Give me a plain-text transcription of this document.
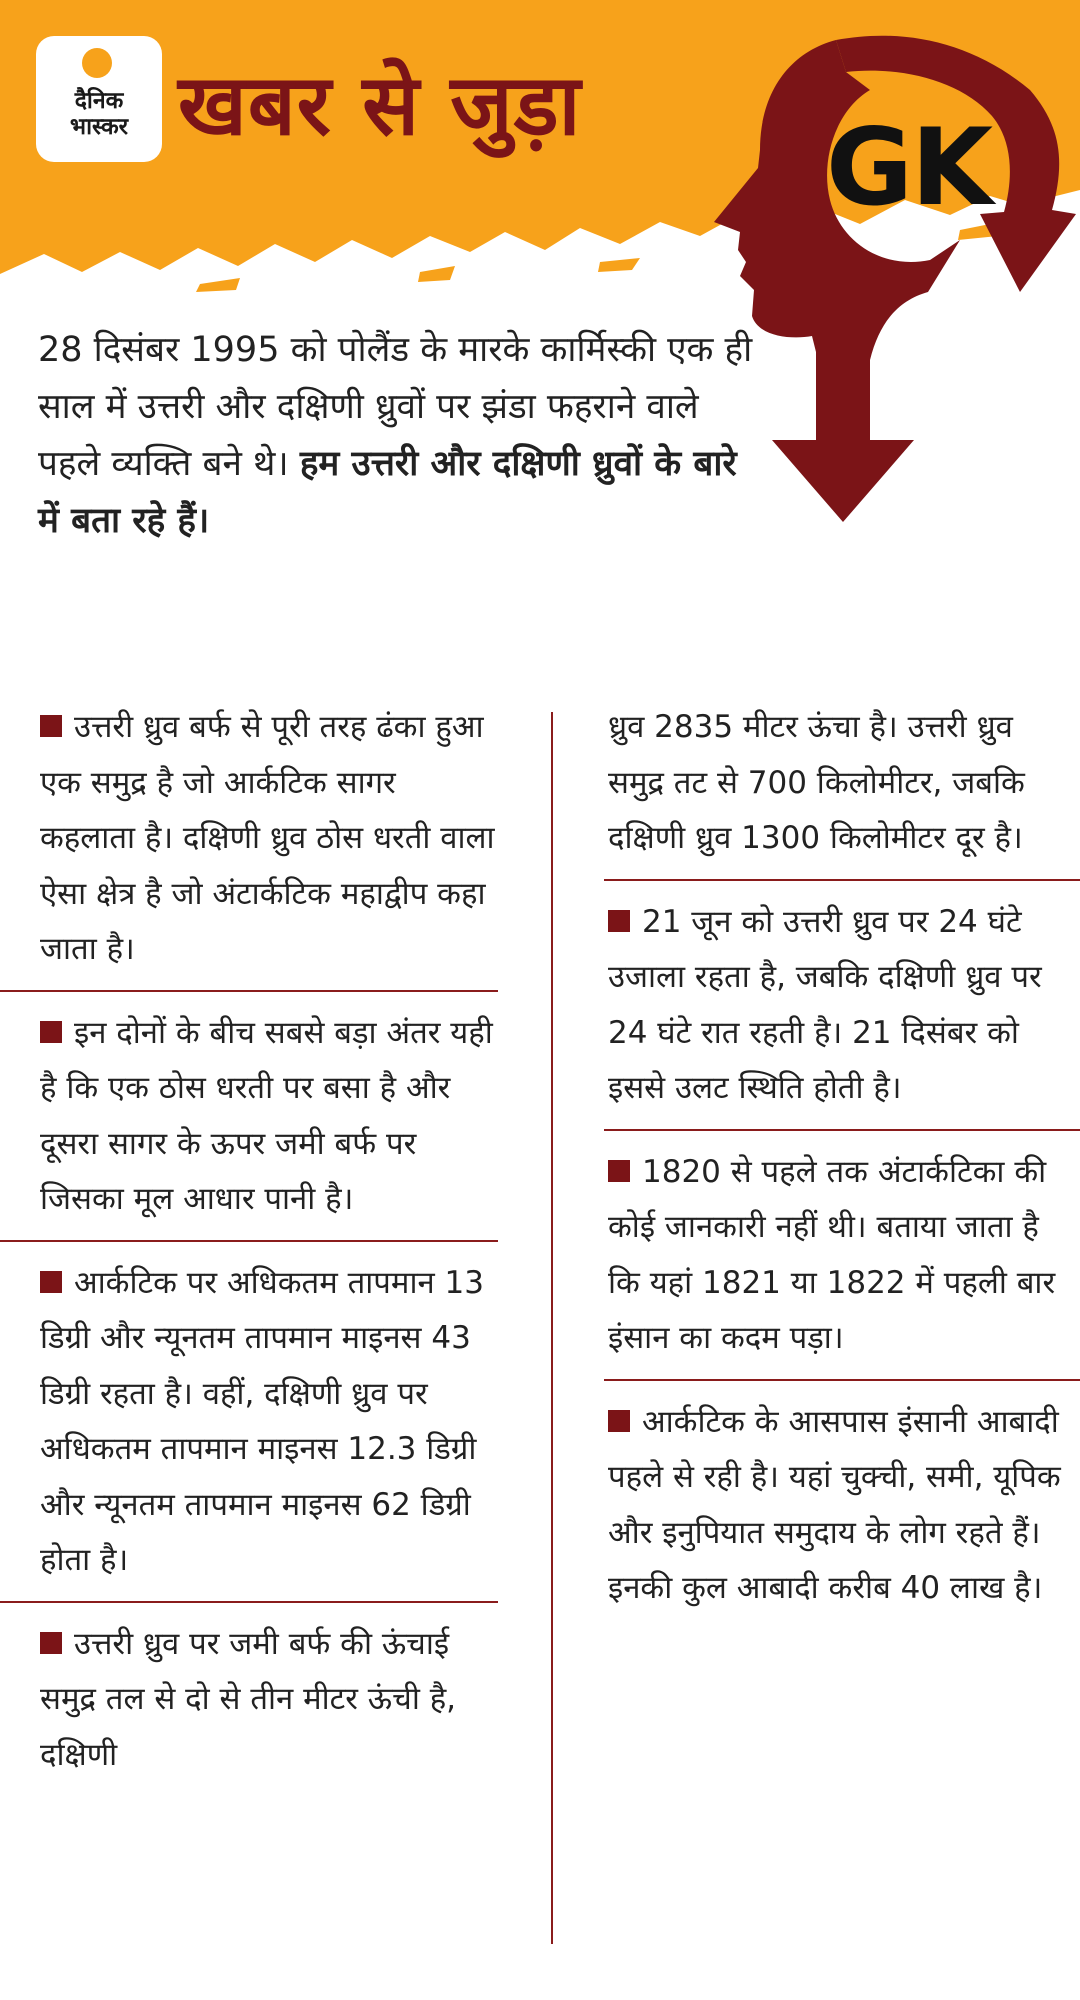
दैनिक
भास्कर खबर से जुड़ा
GK
28 दिसंबर 1995 को पोलैंड के मारके कार्मिस्की एक ही साल में उत्तरी और दक्षिणी ध्रुवों पर झंडा फहराने वाले पहले व्यक्ति बने थे। हम उत्तरी और दक्षिणी ध्रुवों के बारे में बता रहे हैं।

उत्तरी ध्रुव बर्फ से पूरी तरह ढंका हुआ एक समुद्र है जो आर्कटिक सागर कहलाता है। दक्षिणी ध्रुव ठोस धरती वाला ऐसा क्षेत्र है जो अंटार्कटिक महाद्वीप कहा जाता है।

इन दोनों के बीच सबसे बड़ा अंतर यही है कि एक ठोस धरती पर बसा है और दूसरा सागर के ऊपर जमी बर्फ पर जिसका मूल आधार पानी है।

आर्कटिक पर अधिकतम तापमान 13 डिग्री और न्यूनतम तापमान माइनस 43 डिग्री रहता है। वहीं, दक्षिणी ध्रुव पर अधिकतम तापमान माइनस 12.3 डिग्री और न्यूनतम तापमान माइनस 62 डिग्री होता है।

उत्तरी ध्रुव पर जमी बर्फ की ऊंचाई समुद्र तल से दो से तीन मीटर ऊंची है, दक्षिणी

ध्रुव 2835 मीटर ऊंचा है। उत्तरी ध्रुव समुद्र तट से 700 किलोमीटर, जबकि दक्षिणी ध्रुव 1300 किलोमीटर दूर है।

21 जून को उत्तरी ध्रुव पर 24 घंटे उजाला रहता है, जबकि दक्षिणी ध्रुव पर 24 घंटे रात रहती है। 21 दिसंबर को इससे उलट स्थिति होती है।

1820 से पहले तक अंटार्कटिका की कोई जानकारी नहीं थी। बताया जाता है कि यहां 1821 या 1822 में पहली बार इंसान का कदम पड़ा।

आर्कटिक के आसपास इंसानी आबादी पहले से रही है। यहां चुक्ची, समी, यूपिक और इनुपियात समुदाय के लोग रहते हैं। इनकी कुल आबादी करीब 40 लाख है।
